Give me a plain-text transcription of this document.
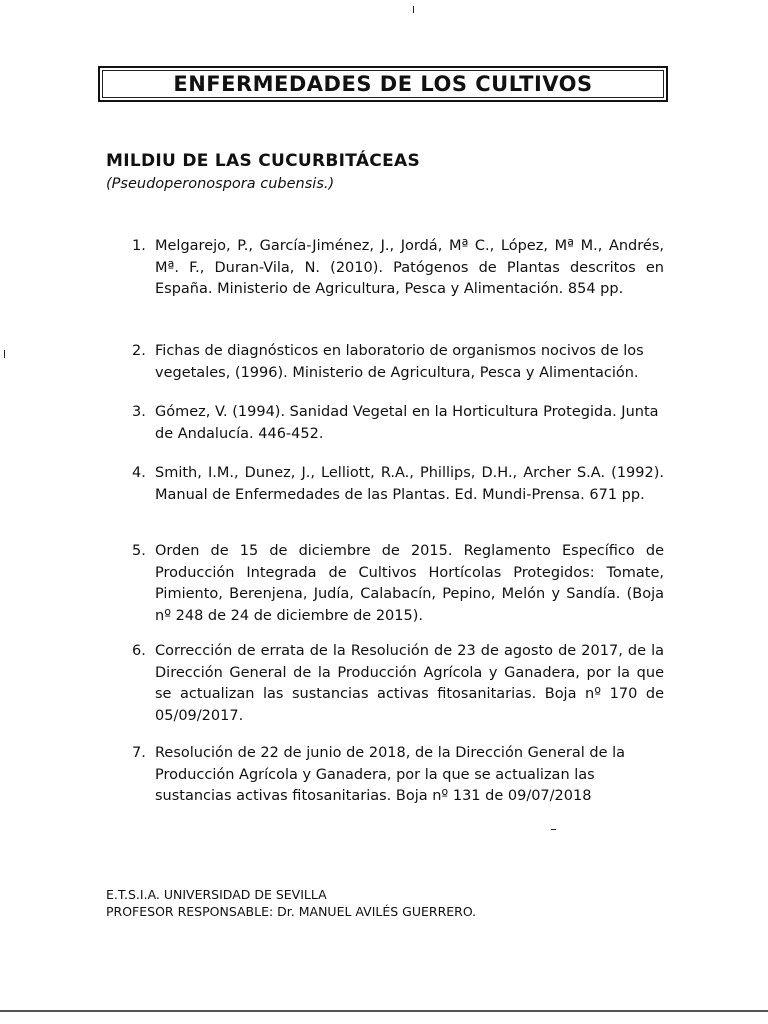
ENFERMEDADES DE LOS CULTIVOS
MILDIU DE LAS CUCURBITÁCEAS
(Pseudoperonospora cubensis.)
1. Melgarejo, P., García-Jiménez, J., Jordá, Mª C., López, Mª M., Andrés, Mª. F., Duran-Vila, N. (2010). Patógenos de Plantas descritos en España. Ministerio de Agricultura, Pesca y Alimentación. 854 pp.
2. Fichas de diagnósticos en laboratorio de organismos nocivos de los vegetales, (1996). Ministerio de Agricultura, Pesca y Alimentación.
3. Gómez, V. (1994). Sanidad Vegetal en la Horticultura Protegida. Junta de Andalucía. 446-452.
4. Smith, I.M., Dunez, J., Lelliott, R.A., Phillips, D.H., Archer S.A. (1992). Manual de Enfermedades de las Plantas. Ed. Mundi-Prensa. 671 pp.
5. Orden de 15 de diciembre de 2015. Reglamento Específico de Producción Integrada de Cultivos Hortícolas Protegidos: Tomate, Pimiento, Berenjena, Judía, Calabacín, Pepino, Melón y Sandía. (Boja nº 248 de 24 de diciembre de 2015).
6. Corrección de errata de la Resolución de 23 de agosto de 2017, de la Dirección General de la Producción Agrícola y Ganadera, por la que se actualizan las sustancias activas fitosanitarias. Boja nº 170 de 05/09/2017.
7. Resolución de 22 de junio de 2018, de la Dirección General de la Producción Agrícola y Ganadera, por la que se actualizan las sustancias activas fitosanitarias. Boja nº 131 de 09/07/2018
E.T.S.I.A. UNIVERSIDAD DE SEVILLA
PROFESOR RESPONSABLE: Dr. MANUEL AVILÉS GUERRERO.
